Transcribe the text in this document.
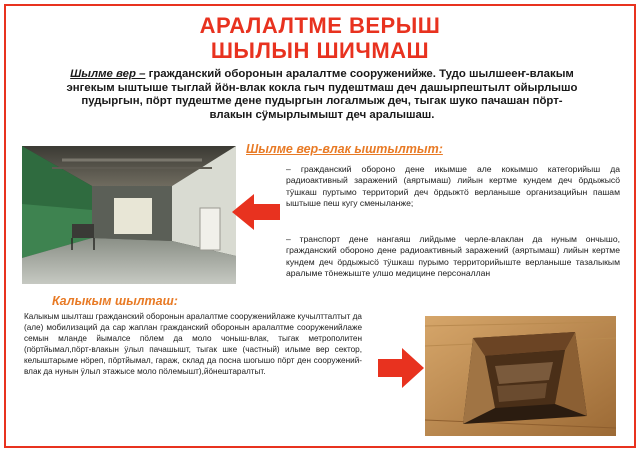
АРАЛАЛТМЕ ВЕРЫШ
ШЫЛЫН ШИЧМАШ
Шылме вер – гражданский оборонын аралалтме сооруженийже. Тудо шылшееҥ-влакым энгекым ыштыше тыглай йӧн-влак кокла гыч пудештмаш деч дашырпештылт ойырлышо пудыргын, пӧрт пудештме дене пудыргын логалмыж деч, тыгак шуко пачашан пӧрт-влакын сӱмырлымышт деч аралышаш.
Шылме вер-влак ыштылтыт:
– гражданский обороно дене икымше але кокымшо категорийыш да радиоактивный заражений (аяртымаш) лийын кертме кундем деч ӧрдыжысӧ тӱшкаш пуртымо территорий деч ӧрдыжтӧ верланыше организацийын пашам ыштыше пеш кугу сменыланже;
– транспорт дене нангаяш лийдыме черле-влаклан да нуным ончышо, гражданский обороно дене радиоактивный заражений (аяртымаш) лийын кертме кундем деч ӧрдыжысӧ тӱшкаш пурымо территорийыште верланыше тазалыкым аралыме тӧнежыште улшо медицине персоналлан
Калыкым шылташ:
Калыкым шылташ гражданский оборонын аралалтме сооруженийлаже кучылтталтыт да (але) мобилизаций да сар жаплан гражданский оборонын аралалтме сооруженийлаже семын мланде йымалсе пӧлем да моло чоныш-влак, тыгак метрополитен (пӧртйымал,пӧрт-влакын ӱлыл пачашышт, тыгак шке (частный) илыме вер сектор, келыштарыме нӧреп, пӧртйымал, гараж, склад да посна шогышо пӧрт ден сооружений-влак да нунын ӱлыл этажысе моло пӧлемышт),йӧнештаралтыт.
